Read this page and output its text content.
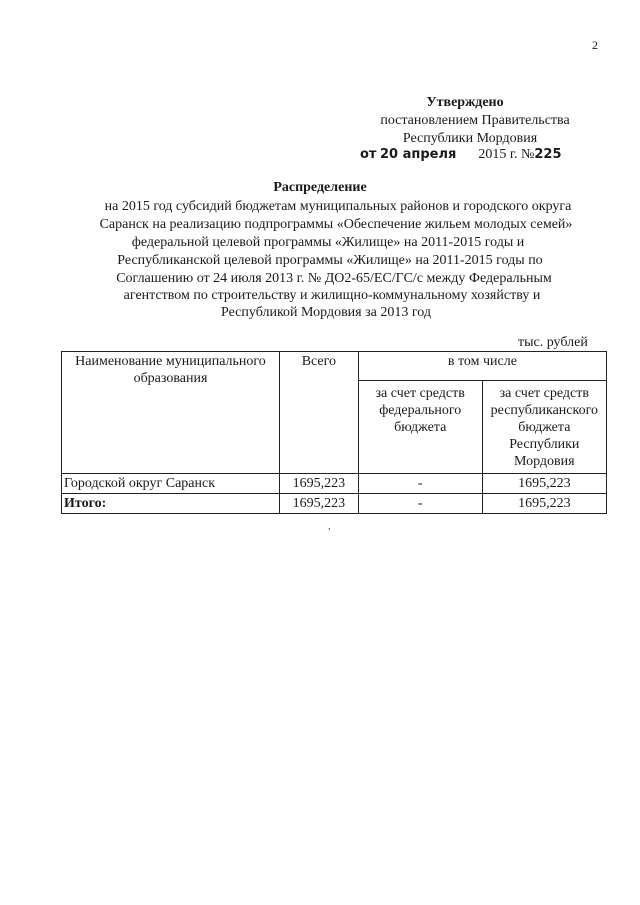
2
Утверждено
постановлением Правительства
Республики Мордовия
от 20 апреля 2015 г. №225
Распределение
на 2015 год субсидий бюджетам муниципальных районов и городского округа
Саранск на реализацию подпрограммы «Обеспечение жильем молодых семей»
федеральной целевой программы «Жилище» на 2011-2015 годы и
Республиканской целевой программы «Жилище» на 2011-2015 годы по
Соглашению от 24 июля 2013 г. № ДО2-65/ЕС/ГС/с между Федеральным
агентством по строительству и жилищно-коммунальному хозяйству и
Республикой Мордовия за 2013 год
тыс. рублей
Наименование муниципального образования	Всего	в том числе	
		за счет средств федерального бюджета	за счет средств республиканского бюджета Республики Мордовия
Городской округ Саранск	1695,223	-	1695,223
Итого:	1695,223	-	1695,223
,
